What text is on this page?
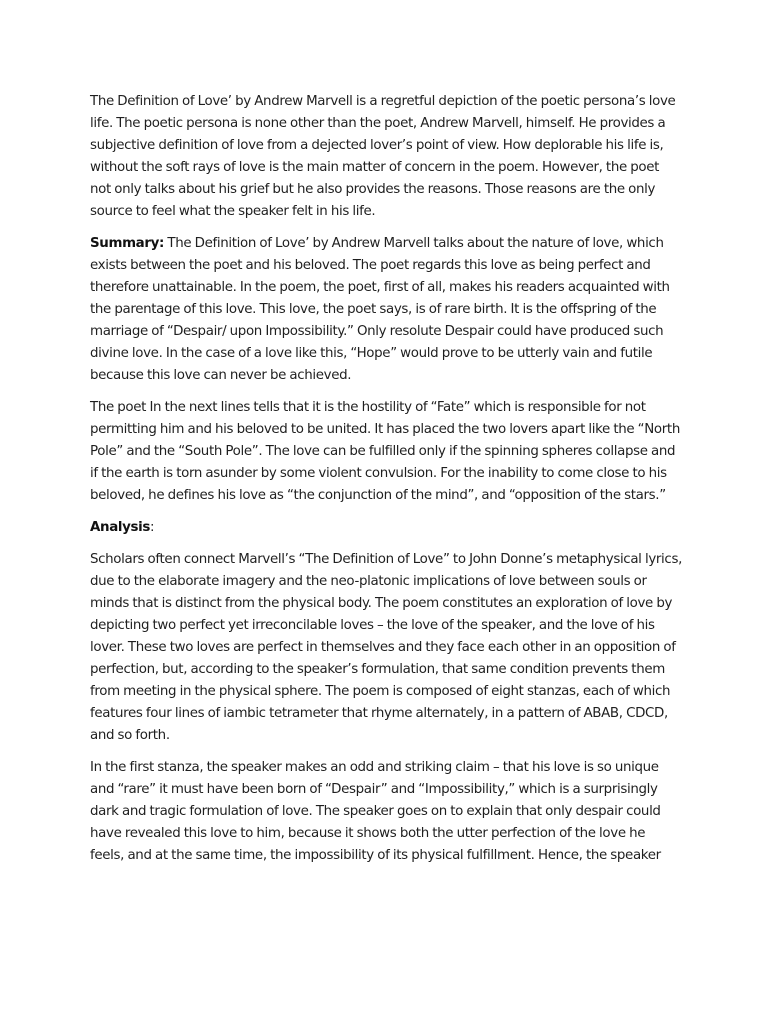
The Definition of Love’ by Andrew Marvell is a regretful depiction of the poetic persona’s love life. The poetic persona is none other than the poet, Andrew Marvell, himself. He provides a subjective definition of love from a dejected lover’s point of view. How deplorable his life is, without the soft rays of love is the main matter of concern in the poem. However, the poet not only talks about his grief but he also provides the reasons. Those reasons are the only source to feel what the speaker felt in his life.

Summary: The Definition of Love’ by Andrew Marvell talks about the nature of love, which exists between the poet and his beloved. The poet regards this love as being perfect and therefore unattainable. In the poem, the poet, first of all, makes his readers acquainted with the parentage of this love. This love, the poet says, is of rare birth. It is the offspring of the marriage of “Despair/ upon Impossibility.” Only resolute Despair could have produced such divine love. In the case of a love like this, “Hope” would prove to be utterly vain and futile because this love can never be achieved.

The poet In the next lines tells that it is the hostility of “Fate” which is responsible for not permitting him and his beloved to be united. It has placed the two lovers apart like the “North Pole” and the “South Pole”. The love can be fulfilled only if the spinning spheres collapse and if the earth is torn asunder by some violent convulsion. For the inability to come close to his beloved, he defines his love as “the conjunction of the mind”, and “opposition of the stars.”

Analysis:

Scholars often connect Marvell’s “The Definition of Love” to John Donne’s metaphysical lyrics, due to the elaborate imagery and the neo-platonic implications of love between souls or minds that is distinct from the physical body. The poem constitutes an exploration of love by depicting two perfect yet irreconcilable loves – the love of the speaker, and the love of his lover. These two loves are perfect in themselves and they face each other in an opposition of perfection, but, according to the speaker’s formulation, that same condition prevents them from meeting in the physical sphere. The poem is composed of eight stanzas, each of which features four lines of iambic tetrameter that rhyme alternately, in a pattern of ABAB, CDCD, and so forth.

In the first stanza, the speaker makes an odd and striking claim – that his love is so unique and “rare” it must have been born of “Despair” and “Impossibility,” which is a surprisingly dark and tragic formulation of love. The speaker goes on to explain that only despair could have revealed this love to him, because it shows both the utter perfection of the love he feels, and at the same time, the impossibility of its physical fulfillment. Hence, the speaker
